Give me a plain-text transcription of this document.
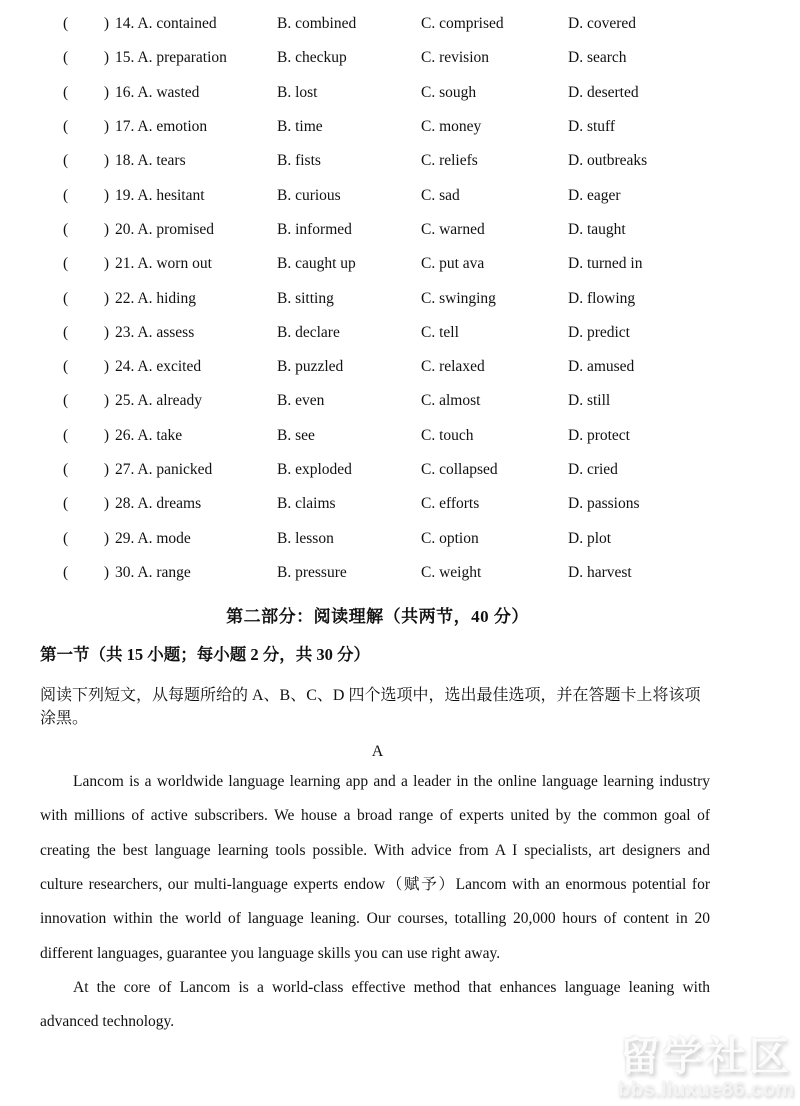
( ) 14. A. contained	B. combined	C. comprised	D. covered
( ) 15. A. preparation	B. checkup	C. revision	D. search
( ) 16. A. wasted	B. lost	C. sough	D. deserted
( ) 17. A. emotion	B. time	C. money	D. stuff
( ) 18. A. tears	B. fists	C. reliefs	D. outbreaks
( ) 19. A. hesitant	B. curious	C. sad	D. eager
( ) 20. A. promised	B. informed	C. warned	D. taught
( ) 21. A. worn out	B. caught up	C. put ava	D. turned in
( ) 22. A. hiding	B. sitting	C. swinging	D. flowing
( ) 23. A. assess	B. declare	C. tell	D. predict
( ) 24. A. excited	B. puzzled	C. relaxed	D. amused
( ) 25. A. already	B. even	C. almost	D. still
( ) 26. A. take	B. see	C. touch	D. protect
( ) 27. A. panicked	B. exploded	C. collapsed	D. cried
( ) 28. A. dreams	B. claims	C. efforts	D. passions
( ) 29. A. mode	B. lesson	C. option	D. plot
( ) 30. A. range	B. pressure	C. weight	D. harvest
第二部分：阅读理解（共两节，40 分）
第一节（共 15 小题；每小题 2 分，共 30 分）
阅读下列短文，从每题所给的 A、B、C、D 四个选项中，选出最佳选项，并在答题卡上将该项涂黑。
A

Lancom is a worldwide language learning app and a leader in the online language learning industry with millions of active subscribers. We house a broad range of experts united by the common goal of creating the best language learning tools possible. With advice from A I specialists, art designers and culture researchers, our multi-language experts endow（赋予）Lancom with an enormous potential for innovation within the world of language leaning. Our courses, totalling 20,000 hours of content in 20 different languages, guarantee you language skills you can use right away.

At the core of Lancom is a world-class effective method that enhances language leaning with advanced technology.

留学社区
bbs.liuxue86.com
